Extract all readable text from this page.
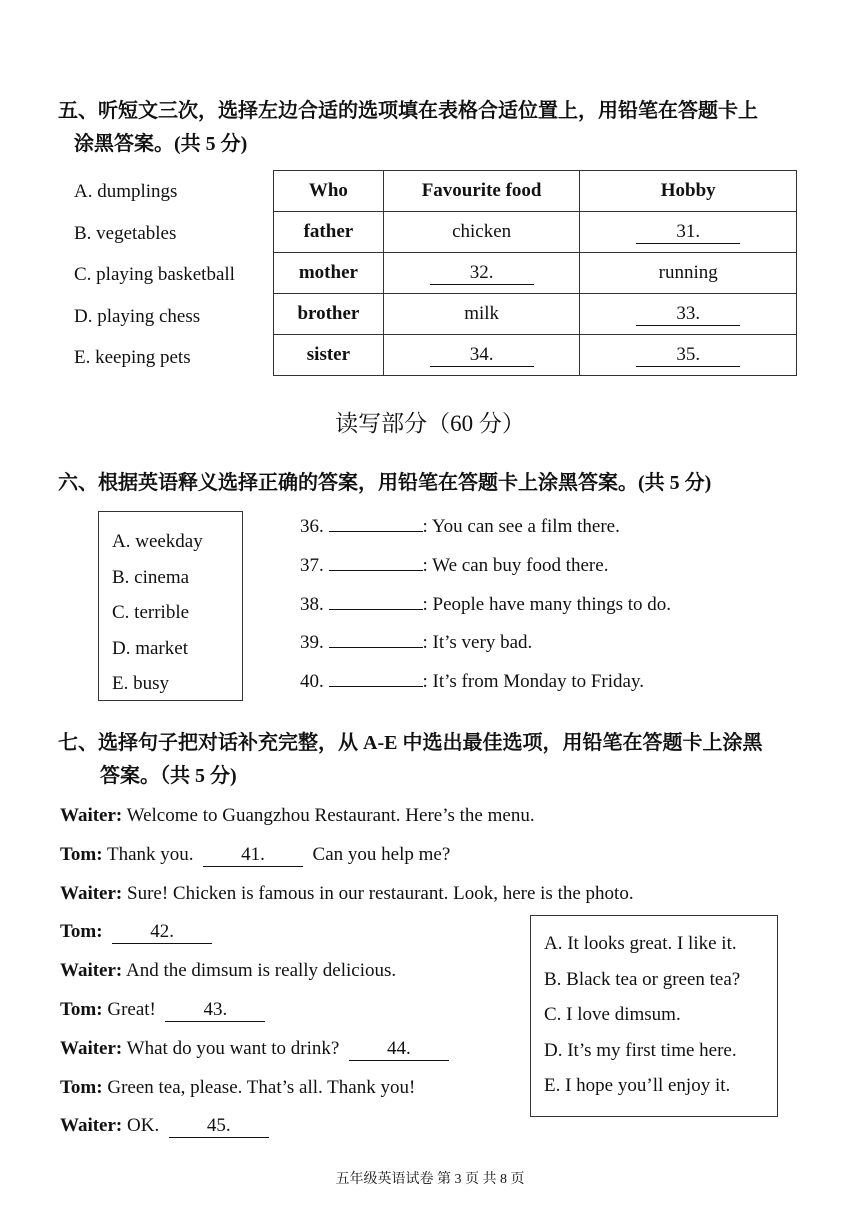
五、听短文三次，选择左边合适的选项填在表格合适位置上，用铅笔在答题卡上
涂黑答案。(共 5 分)
A. dumplings
B. vegetables
C. playing basketball
D. playing chess
E. keeping pets
Who	Favourite food	Hobby
father	chicken	31.
mother	32.	running
brother	milk	33.
sister	34.	35.
读写部分（60 分）
六、根据英语释义选择正确的答案，用铅笔在答题卡上涂黑答案。(共 5 分)
A. weekday
B. cinema
C. terrible
D. market
E. busy
36.	: You can see a film there.
37.	: We can buy food there.
38.	: People have many things to do.
39.	: It’s very bad.
40.	: It’s from Monday to Friday.
七、选择句子把对话补充完整，从 A-E 中选出最佳选项，用铅笔在答题卡上涂黑
答案。（共 5 分)
Waiter: Welcome to Guangzhou Restaurant. Here’s the menu.
Tom: Thank you.	41.	Can you help me?
Waiter: Sure! Chicken is famous in our restaurant. Look, here is the photo.
Tom:	42.
Waiter: And the dimsum is really delicious.
Tom: Great!	43.
Waiter: What do you want to drink?	44.
Tom: Green tea, please. That’s all. Thank you!
Waiter: OK.	45.
A. It looks great. I like it.
B. Black tea or green tea?
C. I love dimsum.
D. It’s my first time here.
E. I hope you’ll enjoy it.
五年级英语试卷 第 3 页 共 8 页
